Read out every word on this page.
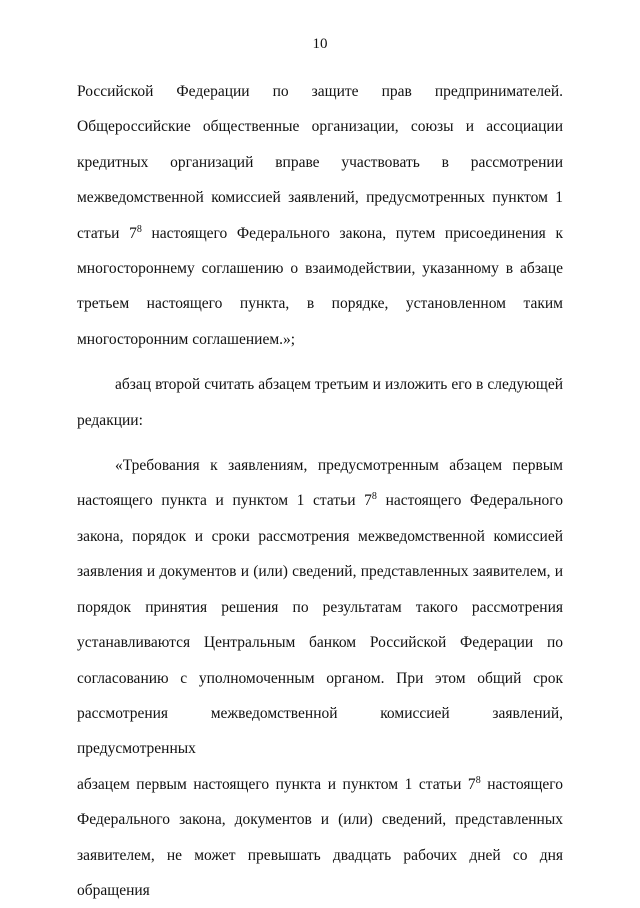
10

Российской Федерации по защите прав предпринимателей.

Общероссийские общественные организации, союзы и ассоциации

кредитных организаций вправе участвовать в рассмотрении

межведомственной комиссией заявлений, предусмотренных пунктом 1

статьи $7^8$ настоящего Федерального закона, путем присоединения к

многостороннему соглашению о взаимодействии, указанному в абзаце

третьем настоящего пункта, в порядке, установленном таким

многосторонним соглашением.»;

абзац второй считать абзацем третьим и изложить его в следующей

редакции:

«Требования к заявлениям, предусмотренным абзацем первым

настоящего пункта и пунктом 1 статьи $7^8$ настоящего Федерального

закона, порядок и сроки рассмотрения межведомственной комиссией

заявления и документов и (или) сведений, представленных заявителем, и

порядок принятия решения по результатам такого рассмотрения

устанавливаются Центральным банком Российской Федерации по

согласованию с уполномоченным органом. При этом общий срок

рассмотрения межведомственной комиссией заявлений, предусмотренных

абзацем первым настоящего пункта и пунктом 1 статьи $7^8$ настоящего

Федерального закона, документов и (или) сведений, представленных

заявителем, не может превышать двадцать рабочих дней со дня обращения
